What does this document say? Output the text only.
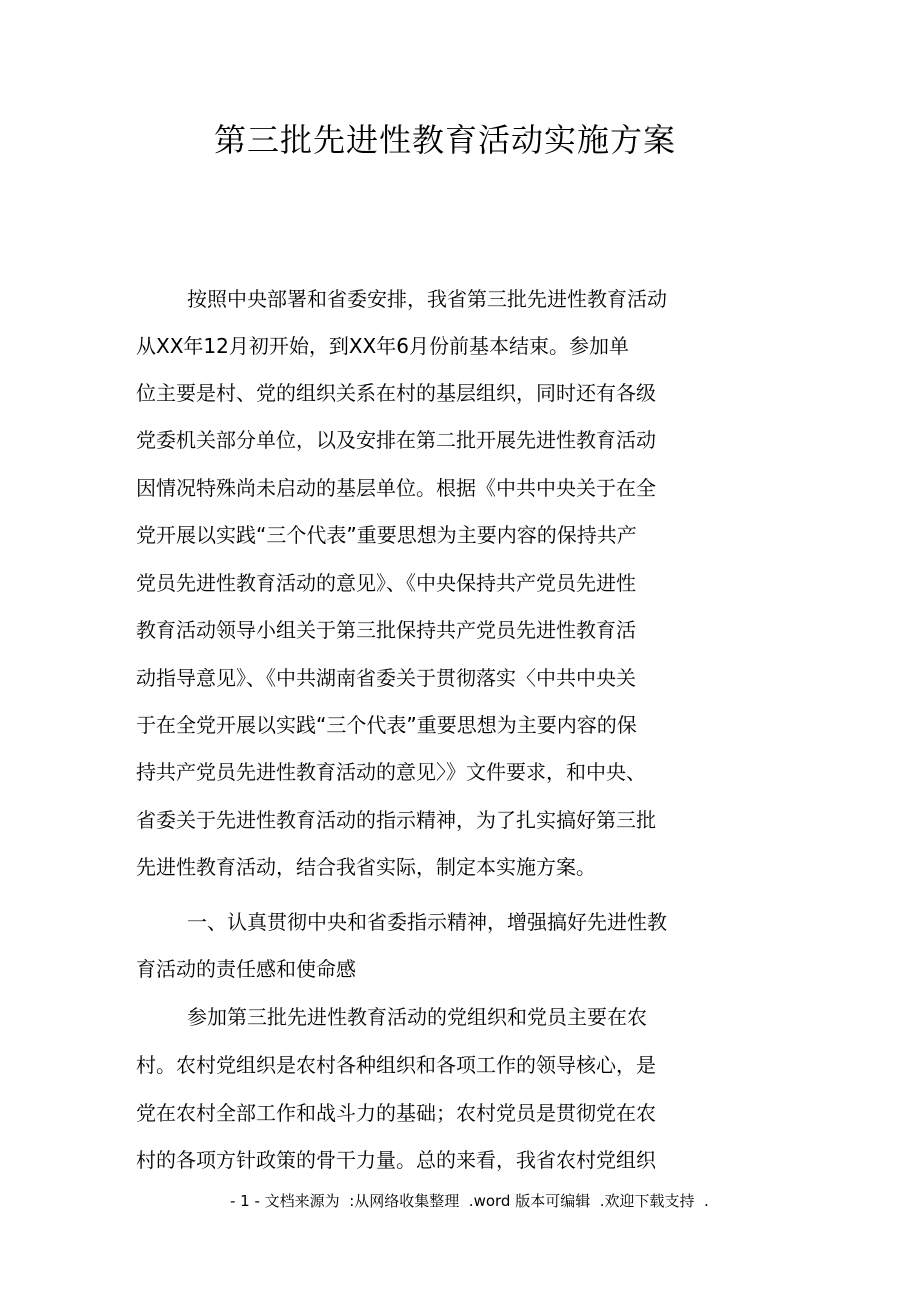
第三批先进性教育活动实施方案

按照中央部署和省委安排，我省第三批先进性教育活动

从XX年12月初开始，到XX年6月份前基本结束。参加单

位主要是村、党的组织关系在村的基层组织，同时还有各级

党委机关部分单位，以及安排在第二批开展先进性教育活动

因情况特殊尚未启动的基层单位。根据《中共中央关于在全

党开展以实践“三个代表”重要思想为主要内容的保持共产

党员先进性教育活动的意见》、《中央保持共产党员先进性

教育活动领导小组关于第三批保持共产党员先进性教育活

动指导意见》、《中共湖南省委关于贯彻落实〈中共中央关

于在全党开展以实践“三个代表”重要思想为主要内容的保

持共产党员先进性教育活动的意见〉》文件要求，和中央、

省委关于先进性教育活动的指示精神，为了扎实搞好第三批

先进性教育活动，结合我省实际，制定本实施方案。

一、认真贯彻中央和省委指示精神，增强搞好先进性教

育活动的责任感和使命感

参加第三批先进性教育活动的党组织和党员主要在农

村。农村党组织是农村各种组织和各项工作的领导核心，是

党在农村全部工作和战斗力的基础；农村党员是贯彻党在农

村的各项方针政策的骨干力量。总的来看，我省农村党组织

- 1 - 文档来源为  :从网络收集整理  .word 版本可编辑  .欢迎下载支持  .
